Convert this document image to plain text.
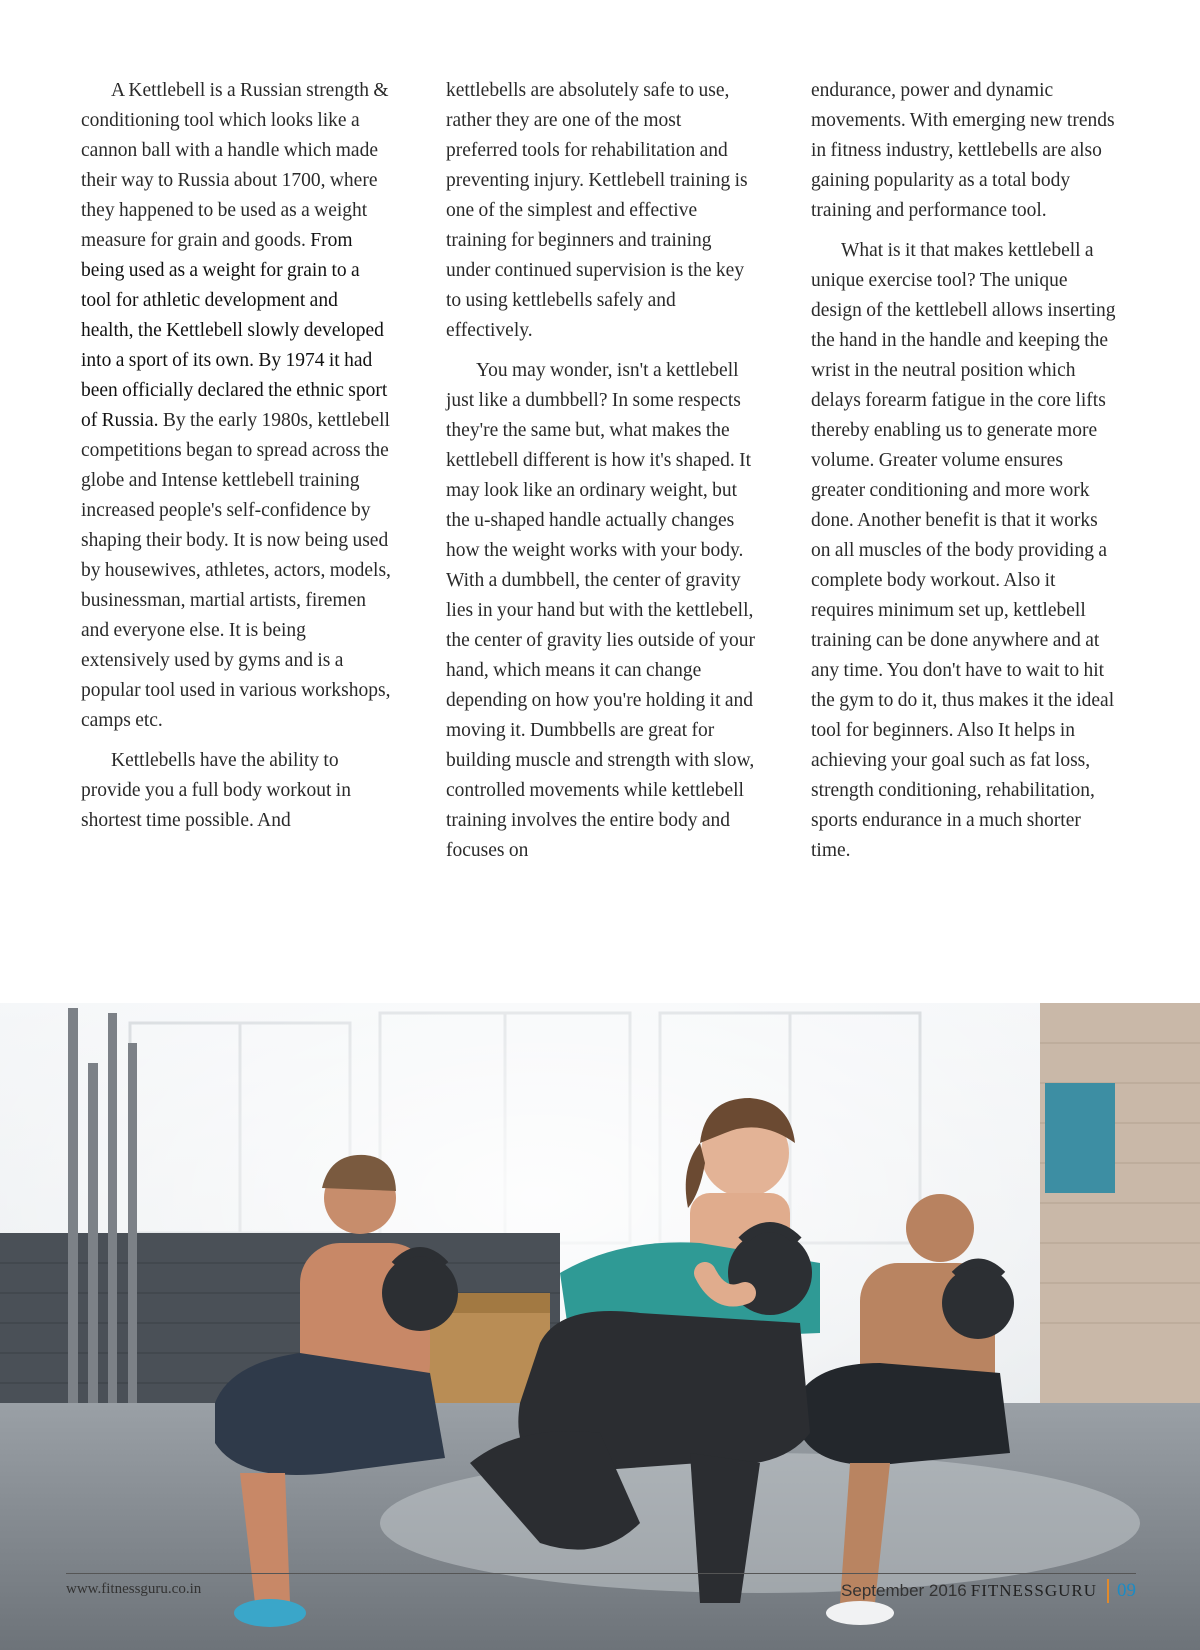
A Kettlebell is a Russian strength & conditioning tool which looks like a cannon ball with a handle which made their way to Russia about 1700, where they happened to be used as a weight measure for grain and goods. From being used as a weight for grain to a tool for athletic development and health, the Kettlebell slowly developed into a sport of its own. By 1974 it had been officially declared the ethnic sport of Russia. By the early 1980s, kettlebell competitions began to spread across the globe and Intense kettlebell training increased people's self-confidence by shaping their body. It is now being used by housewives, athletes, actors, models, businessman, martial artists, firemen and everyone else. It is being extensively used by gyms and is a popular tool used in various workshops, camps etc.

Kettlebells have the ability to provide you a full body workout in shortest time possible. And

kettlebells are absolutely safe to use, rather they are one of the most preferred tools for rehabilitation and preventing injury. Kettlebell training is one of the simplest and effective training for beginners and training under continued supervision is the key to using kettlebells safely and effectively.

You may wonder, isn't a kettlebell just like a dumbbell? In some respects they're the same but, what makes the kettlebell different is how it's shaped. It may look like an ordinary weight, but the u-shaped handle actually changes how the weight works with your body. With a dumbbell, the center of gravity lies in your hand but with the kettlebell, the center of gravity lies outside of your hand, which means it can change depending on how you're holding it and moving it. Dumbbells are great for building muscle and strength with slow, controlled movements while kettlebell training involves the entire body and focuses on

endurance, power and dynamic movements. With emerging new trends in fitness industry, kettlebells are also gaining popularity as a total body training and performance tool.

What is it that makes kettlebell a unique exercise tool? The unique design of the kettlebell allows inserting the hand in the handle and keeping the wrist in the neutral position which delays forearm fatigue in the core lifts thereby enabling us to generate more volume. Greater volume ensures greater conditioning and more work done. Another benefit is that it works on all muscles of the body providing a complete body workout. Also it requires minimum set up, kettlebell training can be done anywhere and at any time. You don't have to wait to hit the gym to do it, thus makes it the ideal tool for beginners. Also It helps in achieving your goal such as fat loss, strength conditioning, rehabilitation, sports endurance in a much shorter time.

www.fitnessguru.co.in	September 2016 FITNESSGURU 09
